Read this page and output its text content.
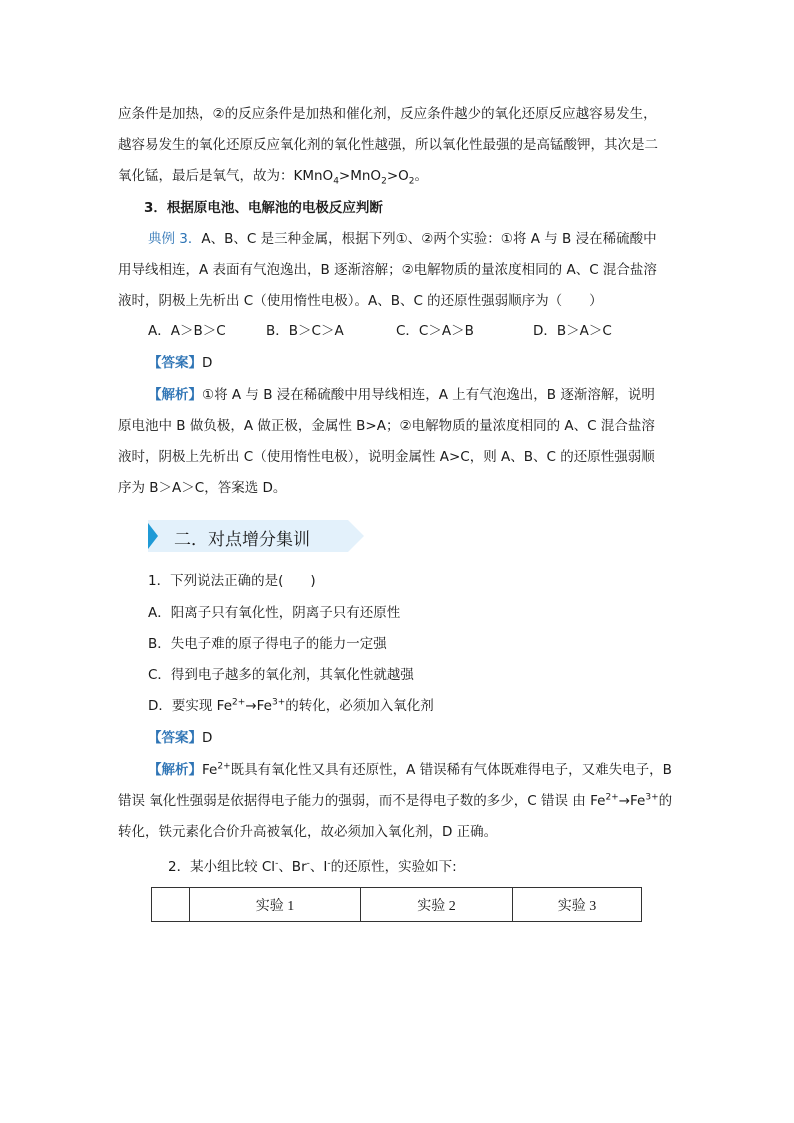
应条件是加热，②的反应条件是加热和催化剂，反应条件越少的氧化还原反应越容易发生，
越容易发生的氧化还原反应氧化剂的氧化性越强，所以氧化性最强的是高锰酸钾，其次是二
氧化锰，最后是氧气，故为：$KMnO_4>MnO_2>O_2$。
3．根据原电池、电解池的电极反应判断
典例 3．A、B、C 是三种金属，根据下列①、②两个实验：①将 A 与 B 浸在稀硫酸中
用导线相连，A 表面有气泡逸出，B 逐渐溶解；②电解物质的量浓度相同的 A、C 混合盐溶
液时，阴极上先析出 C（使用惰性电极）。A、B、C 的还原性强弱顺序为（　　）
A．A＞B＞C	B．B＞C＞A	C．C＞A＞B	D．B＞A＞C
【答案】D
【解析】①将 A 与 B 浸在稀硫酸中用导线相连，A 上有气泡逸出，B 逐渐溶解，说明
原电池中 B 做负极，A 做正极，金属性 B>A；②电解物质的量浓度相同的 A、C 混合盐溶
液时，阴极上先析出 C（使用惰性电极），说明金属性 A>C，则 A、B、C 的还原性强弱顺
序为 B＞A＞C，答案选 D。
二．对点增分集训
1．下列说法正确的是(　　)
A．阳离子只有氧化性，阴离子只有还原性
B．失电子难的原子得电子的能力一定强
C．得到电子越多的氧化剂，其氧化性就越强
D．要实现 $Fe^{2+}\to Fe^{3+}$的转化，必须加入氧化剂
【答案】D
【解析】$Fe^{2+}$既具有氧化性又具有还原性，A 错误稀有气体既难得电子，又难失电子，B
错误 氧化性强弱是依据得电子能力的强弱，而不是得电子数的多少，C 错误 由 $Fe^{2+}\to Fe^{3+}$的
转化，铁元素化合价升高被氧化，故必须加入氧化剂，D 正确。
2．某小组比较 Cl-、Br-、I-的还原性，实验如下:
	实验 1	实验 2	实验 3
